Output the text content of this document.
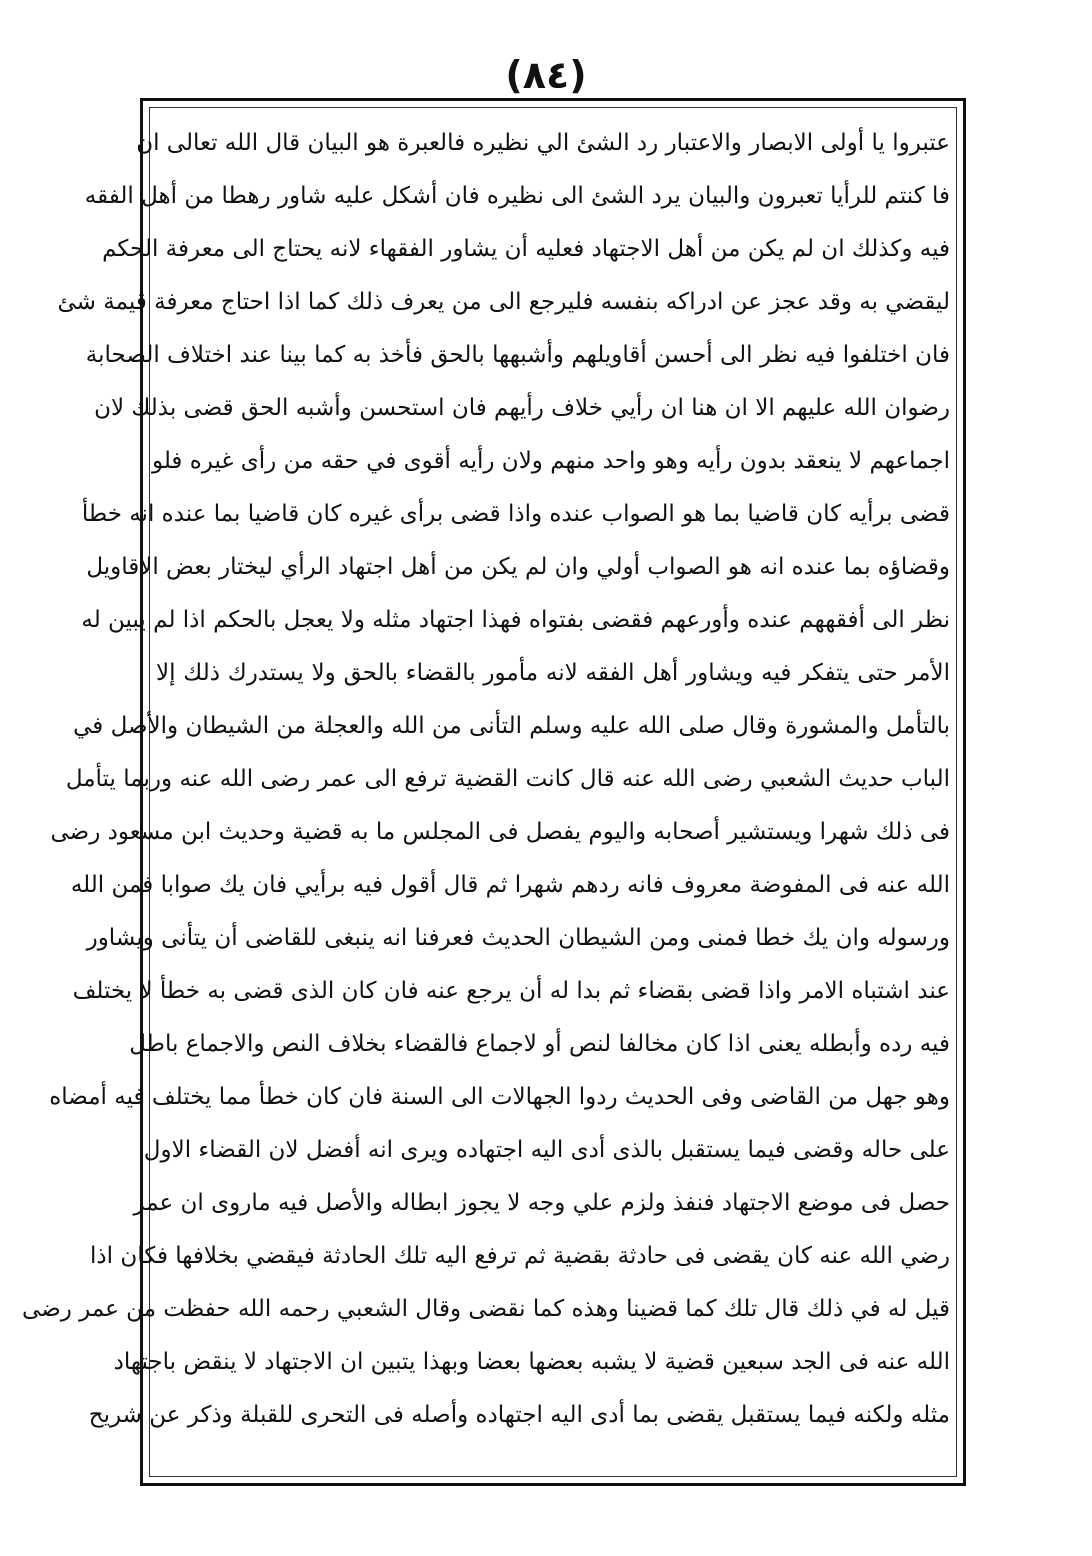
(٨٤)
عتبروا يا أولى الابصار والاعتبار رد الشئ الي نظيره فالعبرة هو البيان قال الله تعالى ان
فا كنتم للرأيا تعبرون والبيان يرد الشئ الى نظيره فان أشكل عليه شاور رهطا من أهل الفقه
فيه وكذلك ان لم يكن من أهل الاجتهاد فعليه أن يشاور الفقهاء لانه يحتاج الى معرفة الحكم
ليقضي به وقد عجز عن ادراكه بنفسه فليرجع الى من يعرف ذلك كما اذا احتاج معرفة قيمة شئ
فان اختلفوا فيه نظر الى أحسن أقاويلهم وأشبهها بالحق فأخذ به كما بينا عند اختلاف الصحابة
رضوان الله عليهم الا ان هنا ان رأيي خلاف رأيهم فان استحسن وأشبه الحق قضى بذلك لان
اجماعهم لا ينعقد بدون رأيه وهو واحد منهم ولان رأيه أقوى في حقه من رأى غيره فلو
قضى برأيه كان قاضيا بما هو الصواب عنده واذا قضى برأى غيره كان قاضيا بما عنده انه خطأ
وقضاؤه بما عنده انه هو الصواب أولي وان لم يكن من أهل اجتهاد الرأي ليختار بعض الاقاويل
نظر الى أفقههم عنده وأورعهم فقضى بفتواه فهذا اجتهاد مثله ولا يعجل بالحكم اذا لم يبين له
الأمر حتى يتفكر فيه ويشاور أهل الفقه لانه مأمور بالقضاء بالحق ولا يستدرك ذلك إلا
بالتأمل والمشورة وقال صلى الله عليه وسلم التأنى من الله والعجلة من الشيطان والأصل في
الباب حديث الشعبي رضى الله عنه قال كانت القضية ترفع الى عمر رضى الله عنه وربما يتأمل
فى ذلك شهرا ويستشير أصحابه واليوم يفصل فى المجلس ما به قضية وحديث ابن مسعود رضى
الله عنه فى المفوضة معروف فانه ردهم شهرا ثم قال أقول فيه برأيي فان يك صوابا فمن الله
ورسوله وان يك خطا فمنى ومن الشيطان الحديث فعرفنا انه ينبغى للقاضى أن يتأنى ويشاور
عند اشتباه الامر واذا قضى بقضاء ثم بدا له أن يرجع عنه فان كان الذى قضى به خطأ لا يختلف
فيه رده وأبطله يعنى اذا كان مخالفا لنص أو لاجماع فالقضاء بخلاف النص والاجماع باطل
وهو جهل من القاضى وفى الحديث ردوا الجهالات الى السنة فان كان خطأ مما يختلف فيه أمضاه
على حاله وقضى فيما يستقبل بالذى أدى اليه اجتهاده ويرى انه أفضل لان القضاء الاول
حصل فى موضع الاجتهاد فنفذ ولزم علي وجه لا يجوز ابطاله والأصل فيه ماروى ان عمر
رضي الله عنه كان يقضى فى حادثة بقضية ثم ترفع اليه تلك الحادثة فيقضي بخلافها فكان اذا
قيل له في ذلك قال تلك كما قضينا وهذه كما نقضى وقال الشعبي رحمه الله حفظت من عمر رضى
الله عنه فى الجد سبعين قضية لا يشبه بعضها بعضا وبهذا يتبين ان الاجتهاد لا ينقض باجتهاد
مثله ولكنه فيما يستقبل يقضى بما أدى اليه اجتهاده وأصله فى التحرى للقبلة وذكر عن شريح
